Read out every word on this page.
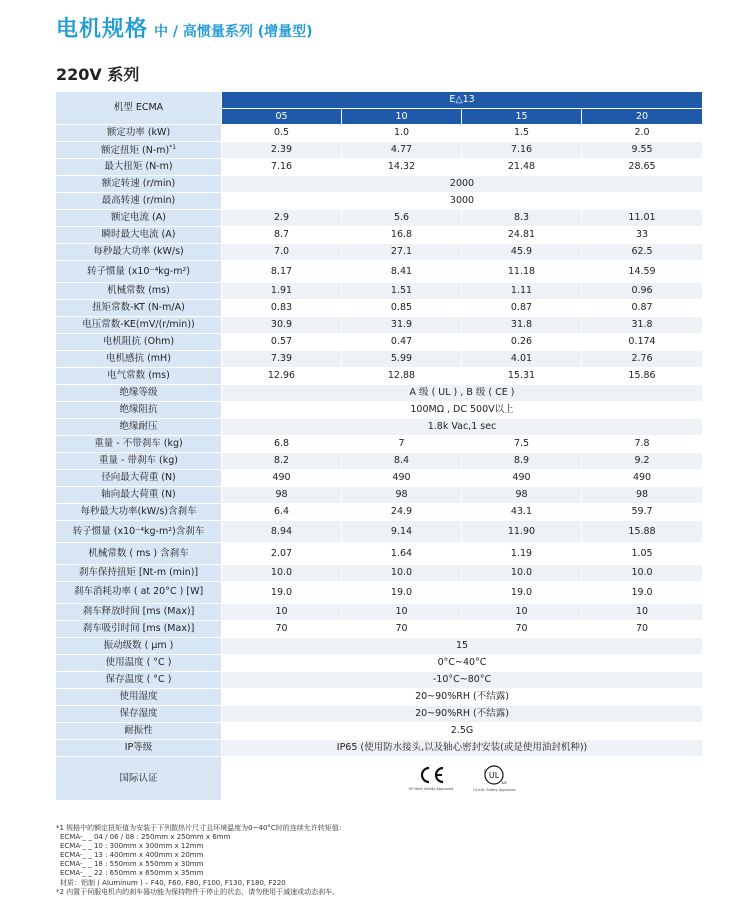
电机规格 中 / 高惯量系列 (增量型)
220V 系列
机型 ECMA	E△13			
	05	10	15	20
额定功率 (kW)	0.5	1.0	1.5	2.0
额定扭矩 $(N-m)^{*1}$	2.39	4.77	7.16	9.55
最大扭矩 (N-m)	7.16	14.32	21.48	28.65
额定转速 (r/min)	2000			
最高转速 (r/min)	3000			
额定电流 (A)	2.9	5.6	8.3	11.01
瞬时最大电流 (A)	8.7	16.8	24.81	33
每秒最大功率 (kW/s)	7.0	27.1	45.9	62.5
转子惯量 (x10⁻⁴kg-m²)	8.17	8.41	11.18	14.59
机械常数 (ms)	1.91	1.51	1.11	0.96
扭矩常数-KT (N-m/A)	0.83	0.85	0.87	0.87
电压常数-KE(mV/(r/min))	30.9	31.9	31.8	31.8
电机阻抗 (Ohm)	0.57	0.47	0.26	0.174
电机感抗 (mH)	7.39	5.99	4.01	2.76
电气常数 (ms)	12.96	12.88	15.31	15.86
绝缘等级	A 级 ( UL ) , B 级 ( CE )			
绝缘阻抗	100MΩ , DC 500V以上			
绝缘耐压	1.8k Vac,1 sec			
重量 - 不带刹车 (kg)	6.8	7	7.5	7.8
重量 - 带刹车 (kg)	8.2	8.4	8.9	9.2
径向最大荷重 (N)	490	490	490	490
轴向最大荷重 (N)	98	98	98	98
每秒最大功率(kW/s)含刹车	6.4	24.9	43.1	59.7
转子惯量 (x10⁻⁴kg-m²)含刹车	8.94	9.14	11.90	15.88
机械常数 ( ms ) 含刹车	2.07	1.64	1.19	1.05
刹车保持扭矩 [Nt-m (min)]	10.0	10.0	10.0	10.0
刹车消耗功率 ( at 20°C ) [W]	19.0	19.0	19.0	19.0
刹车释放时间 [ms (Max)]	10	10	10	10
刹车吸引时间 [ms (Max)]	70	70	70	70
振动级数 ( μm )	15			
使用温度 ( °C )	0°C~40°C			
保存温度 ( °C )	-10°C~80°C			
使用湿度	20~90%RH (不结露)			
保存湿度	20~90%RH (不结露)			
耐振性	2.5G			
IP等级	IP65 (使用防水接头,以及轴心密封安装(或是使用油封机种))			
国际认证	UP Mark Safety Approved
UL
c
us
UL/cUL Safety Approved			
*1 规格中的额定扭矩值为安装于下列散热片尺寸且环境温度为0~40°C时的连续允许转矩值：
ECMA-_ _ 04 / 06 / 08 : 250mm x 250mm x 6mm
ECMA-_ _ 10 : 300mm x 300mm x 12mm
ECMA-_ _ 13 : 400mm x 400mm x 20mm
ECMA-_ _ 18 : 550mm x 550mm x 30mm
ECMA-_ _ 22 : 650mm x 650mm x 35mm
材质：铝制 ( Aluminum ) – F40, F60, F80, F100, F130, F180, F220
*2 内置于伺服电机内的刹车器功能为保持物件于停止的状态，请勿使用于减速或动态刹车。
